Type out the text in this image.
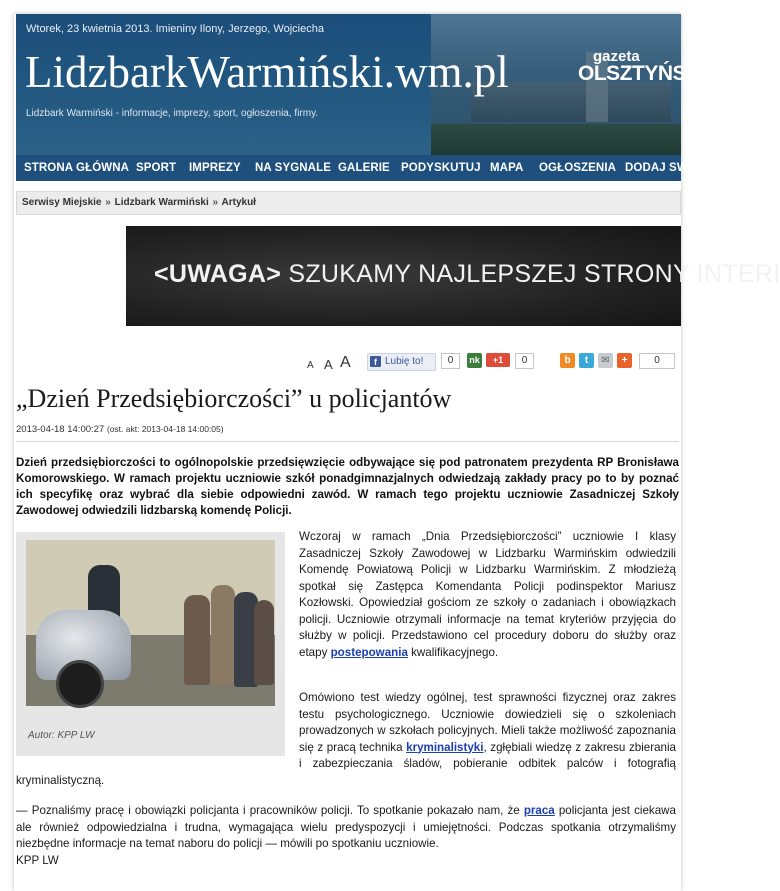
Wtorek, 23 kwietnia 2013. Imieniny Ilony, Jerzego, Wojciecha
LidzbarkWarmiński.wm.pl
Lidzbark Warmiński - informacje, imprezy, sport, ogłoszenia, firmy.
gazeta
OLSZTYŃS
STRONA GŁÓWNA SPORT IMPREZY NA SYGNALE GALERIE PODYSKUTUJ MAPA OGŁOSZENIA DODAJ SW
Serwisy Miejskie » Lidzbark Warmiński » Artykuł
<UWAGA> SZUKAMY NAJLEPSZEJ STRONY INTERI
A A A	f Lubię to!	0	nk	+1	0	b	t	✉	+	0
„Dzień Przedsiębiorczości” u policjantów
2013-04-18 14:00:27 (ost. akt: 2013-04-18 14:00:05)
Dzień przedsiębiorczości to ogólnopolskie przedsięwzięcie odbywające się pod patronatem prezydenta RP Bronisława Komorowskiego. W ramach projektu uczniowie szkół ponadgimnazjalnych odwiedzają zakłady pracy po to by poznać ich specyfikę oraz wybrać dla siebie odpowiedni zawód. W ramach tego projektu uczniowie Zasadniczej Szkoły Zawodowej odwiedzili lidzbarską komendę Policji.
Autor: KPP LW
Wczoraj w ramach „Dnia Przedsiębiorczości” uczniowie I klasy Zasadniczej Szkoły Zawodowej w Lidzbarku Warmińskim odwiedzili Komendę Powiatową Policji w Lidzbarku Warmińskim. Z młodzieżą spotkał się Zastępca Komendanta Policji podinspektor Mariusz Kozłowski. Opowiedział gościom ze szkoły o zadaniach i obowiązkach policji. Uczniowie otrzymali informacje na temat kryteriów przyjęcia do służby w policji. Przedstawiono cel procedury doboru do służby oraz etapy postepowania kwalifikacyjnego.
Omówiono test wiedzy ogólnej, test sprawności fizycznej oraz zakres testu psychologicznego. Uczniowie dowiedzieli się o szkoleniach prowadzonych w szkołach policyjnych. Mieli także możliwość zapoznania się z pracą technika kryminalistyki, zgłębiali wiedzę z zakresu zbierania i zabezpieczania śladów, pobieranie odbitek palców i fotografią kryminalistyczną.
— Poznaliśmy pracę i obowiązki policjanta i pracowników policji. To spotkanie pokazało nam, że praca policjanta jest ciekawa ale również odpowiedzialna i trudna, wymagająca wielu predyspozycji i umiejętności. Podczas spotkania otrzymaliśmy niezbędne informacje na temat naboru do policji — mówili po spotkaniu uczniowie.
KPP LW
